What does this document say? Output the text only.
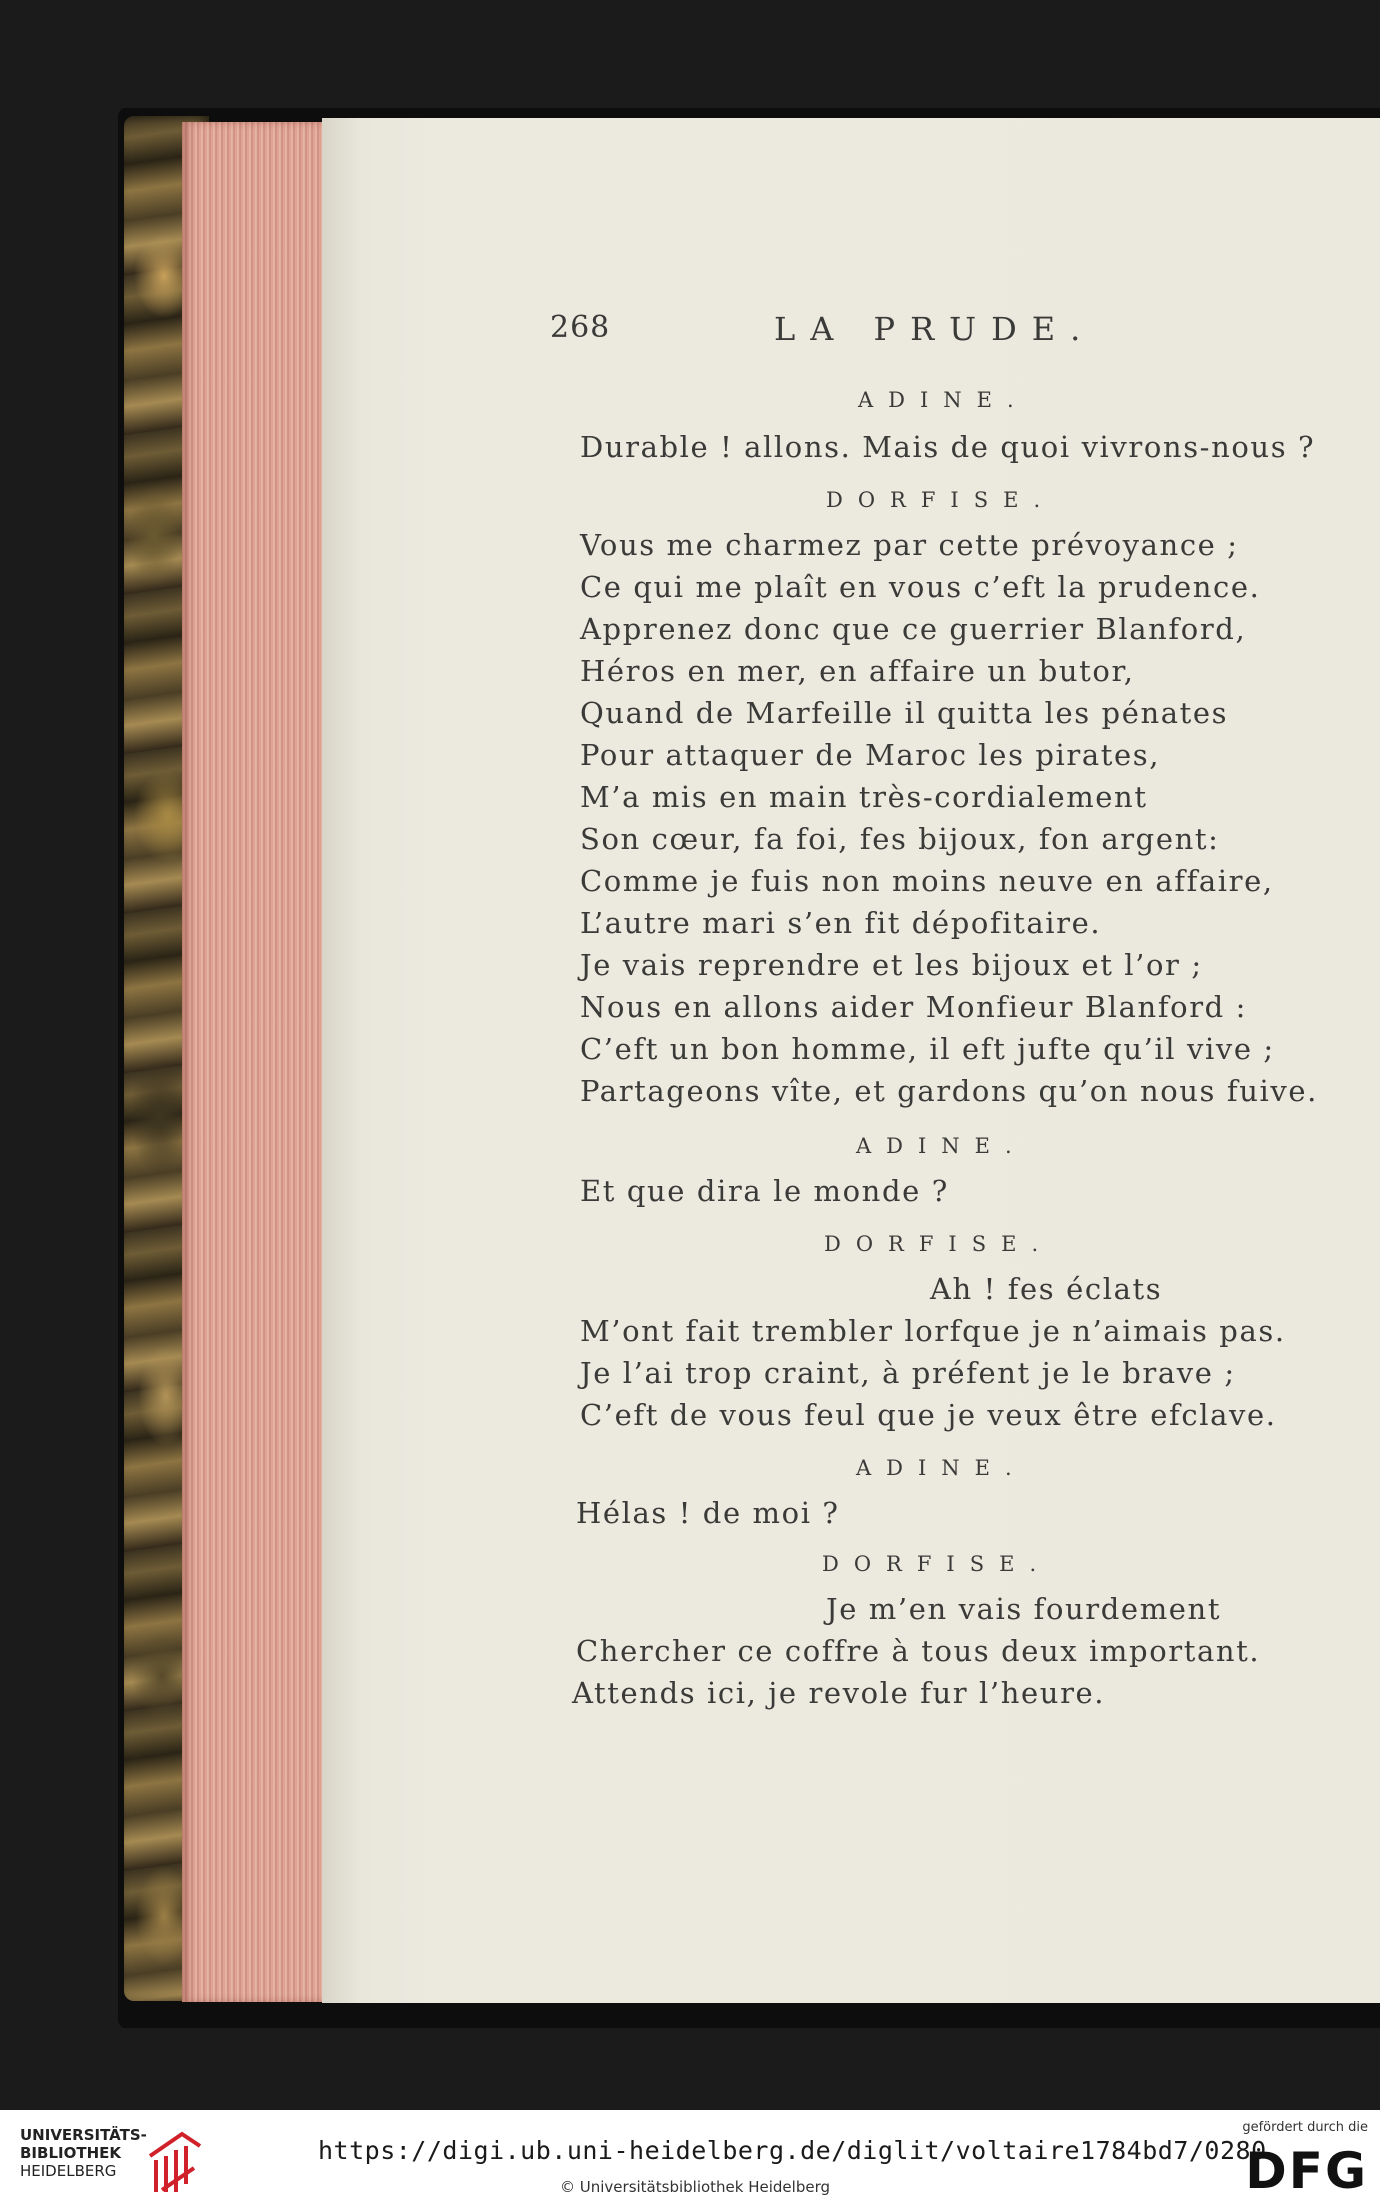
268	LA PRUDE.
ADINE.
Durable ! allons. Mais de quoi vivrons-nous ?
DORFISE.
Vous me charmez par cette prévoyance ;
Ce qui me plaît en vous c’eft la prudence.
Apprenez donc que ce guerrier Blanford,
Héros en mer, en affaire un butor,
Quand de Marfeille il quitta les pénates
Pour attaquer de Maroc les pirates,
M’a mis en main très-cordialement
Son cœur, fa foi, fes bijoux, fon argent:
Comme je fuis non moins neuve en affaire,
L’autre mari s’en fit dépofitaire.
Je vais reprendre et les bijoux et l’or ;
Nous en allons aider Monfieur Blanford :
C’eft un bon homme, il eft jufte qu’il vive ;
Partageons vîte, et gardons qu’on nous fuive.
ADINE.
Et que dira le monde ?
DORFISE.
Ah ! fes éclats
M’ont fait trembler lorfque je n’aimais pas.
Je l’ai trop craint, à préfent je le brave ;
C’eft de vous feul que je veux être efclave.
ADINE.
Hélas ! de moi ?
DORFISE.
Je m’en vais fourdement
Chercher ce coffre à tous deux important.
Attends ici, je revole fur l’heure.
UNIVERSITÄTS-
BIBLIOTHEK
HEIDELBERG
https://digi.ub.uni-heidelberg.de/diglit/voltaire1784bd7/0280
© Universitätsbibliothek Heidelberg
gefördert durch die
DFG
